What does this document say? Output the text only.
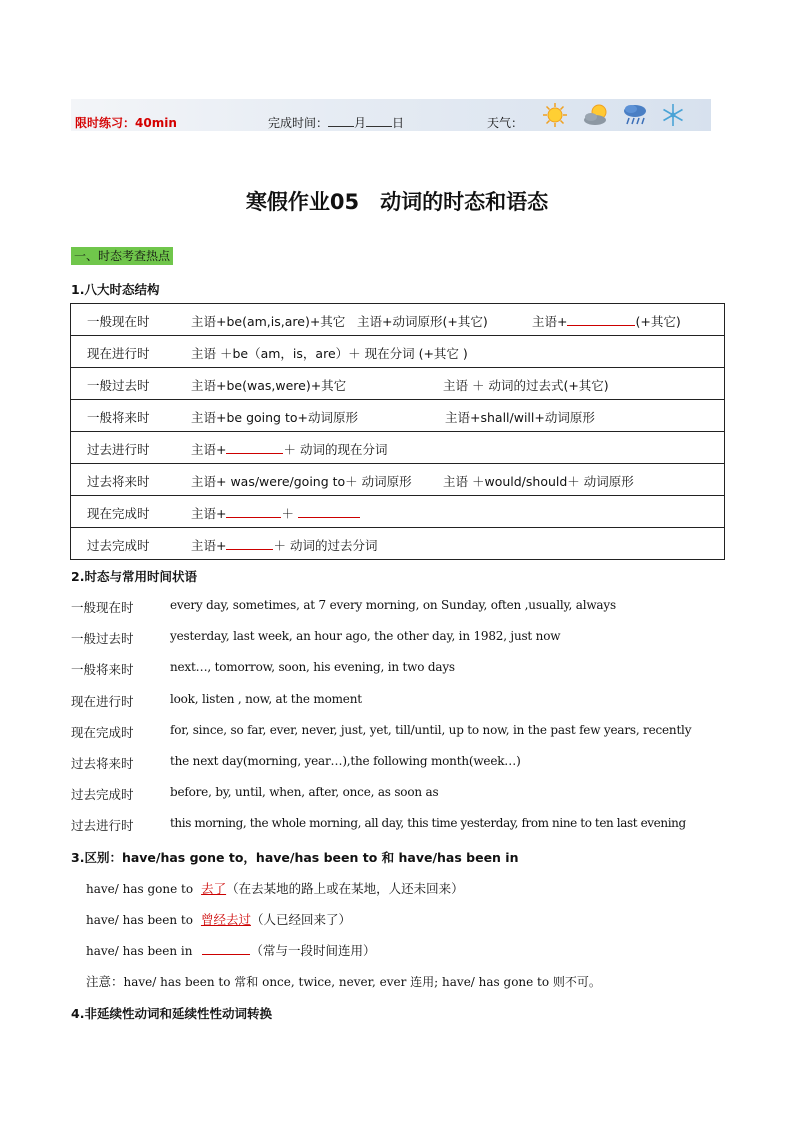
限时练习：40min	完成时间： 月 日	天气：
寒假作业05　动词的时态和语态
一、时态考查热点
1.八大时态结构
一般现在时	主语+be(am,is,are)+其它 主语+动词原形(+其它)	主语+	(+其它)

现在进行时	主语 ＋be（am，is，are）＋ 现在分词 (+其它 )

一般过去时	主语+be(was,were)+其它	主语 ＋ 动词的过去式(+其它)

一般将来时	主语+be going to+动词原形	主语+shall/will+动词原形

过去进行时	主语+	＋ 动词的现在分词

过去将来时	主语+ was/were/going to＋ 动词原形	主语 ＋would/should＋ 动词原形

现在完成时	主语+	＋

过去完成时	主语+	＋ 动词的过去分词
2.时态与常用时间状语
一般现在时	every day, sometimes, at 7 every morning, on Sunday, often ,usually, always
一般过去时	yesterday, last week, an hour ago, the other day, in 1982, just now
一般将来时	next…, tomorrow, soon, his evening, in two days
现在进行时	look, listen , now, at the moment
现在完成时	for, since, so far, ever, never, just, yet, till/until, up to now, in the past few years, recently
过去将来时	the next day(morning, year…),the following month(week…)
过去完成时	before, by, until, when, after, once, as soon as
过去进行时	this morning, the whole morning, all day, this time yesterday, from nine to ten last evening
3.区别：have/has gone to，have/has been to 和 have/has been in
have/ has gone to 去了（在去某地的路上或在某地，人还未回来）
have/ has been to 曾经去过（人已经回来了）
have/ has been in	（常与一段时间连用）
注意：have/ has been to 常和 once, twice, never, ever 连用; have/ has gone to 则不可。
4.非延续性动词和延续性性动词转换
